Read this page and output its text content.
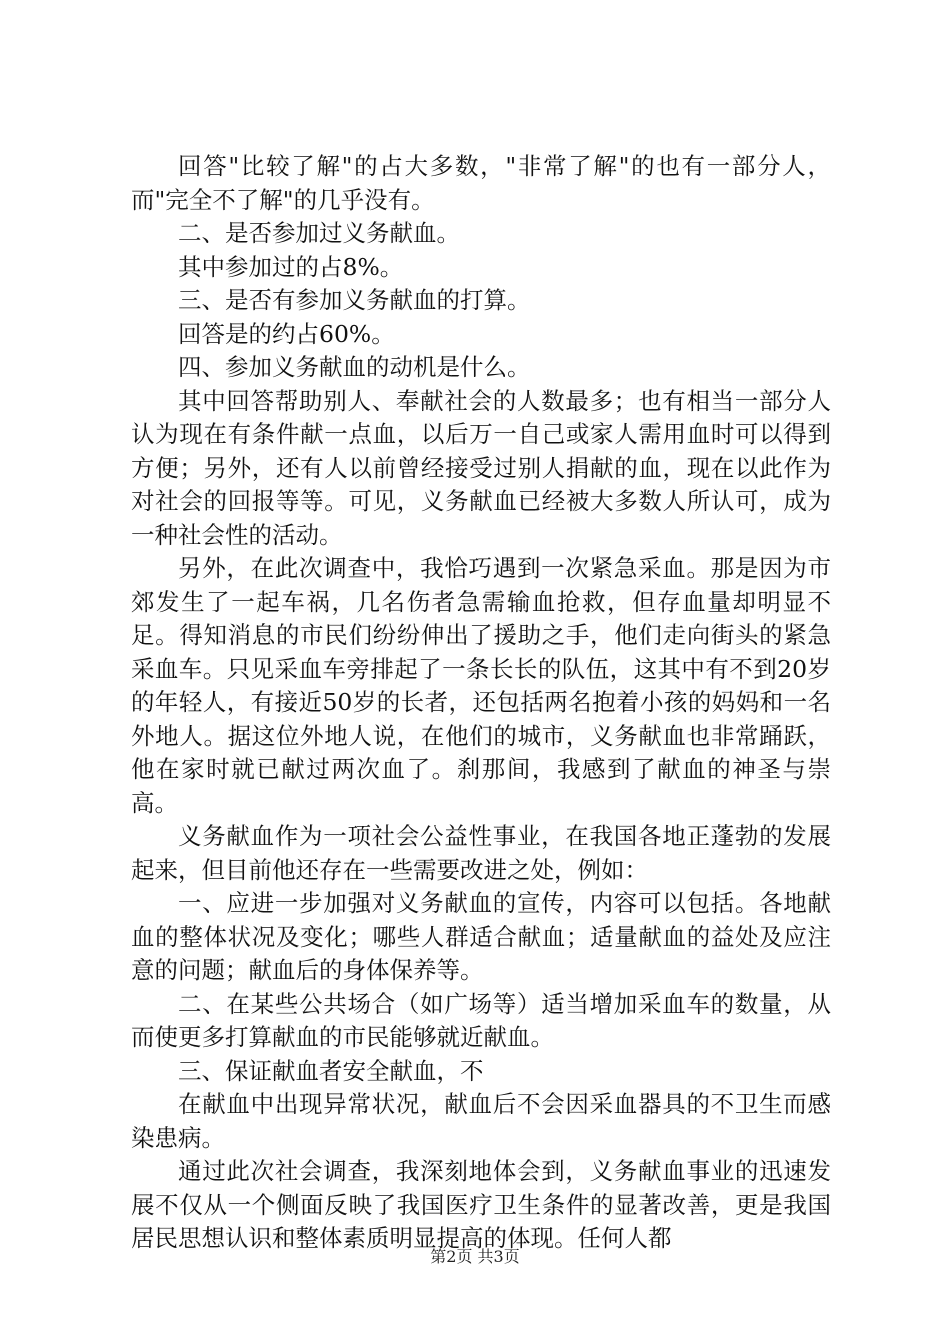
回答"比较了解"的占大多数，"非常了解"的也有一部分人，而"完全不了解"的几乎没有。

二、是否参加过义务献血。

其中参加过的占8%。

三、是否有参加义务献血的打算。

回答是的约占60%。

四、参加义务献血的动机是什么。

其中回答帮助别人、奉献社会的人数最多；也有相当一部分人认为现在有条件献一点血，以后万一自己或家人需用血时可以得到方便；另外，还有人以前曾经接受过别人捐献的血，现在以此作为对社会的回报等等。可见，义务献血已经被大多数人所认可，成为一种社会性的活动。

另外，在此次调查中，我恰巧遇到一次紧急采血。那是因为市郊发生了一起车祸，几名伤者急需输血抢救，但存血量却明显不足。得知消息的市民们纷纷伸出了援助之手，他们走向街头的紧急采血车。只见采血车旁排起了一条长长的队伍，这其中有不到20岁的年轻人，有接近50岁的长者，还包括两名抱着小孩的妈妈和一名外地人。据这位外地人说，在他们的城市，义务献血也非常踊跃，他在家时就已献过两次血了。刹那间，我感到了献血的神圣与崇高。

义务献血作为一项社会公益性事业，在我国各地正蓬勃的发展起来，但目前他还存在一些需要改进之处，例如：

一、应进一步加强对义务献血的宣传，内容可以包括。各地献血的整体状况及变化；哪些人群适合献血；适量献血的益处及应注意的问题；献血后的身体保养等。

二、在某些公共场合（如广场等）适当增加采血车的数量，从而使更多打算献血的市民能够就近献血。

三、保证献血者安全献血，不

在献血中出现异常状况，献血后不会因采血器具的不卫生而感染患病。

通过此次社会调查，我深刻地体会到，义务献血事业的迅速发展不仅从一个侧面反映了我国医疗卫生条件的显著改善，更是我国居民思想认识和整体素质明显提高的体现。任何人都

第2页 共3页
